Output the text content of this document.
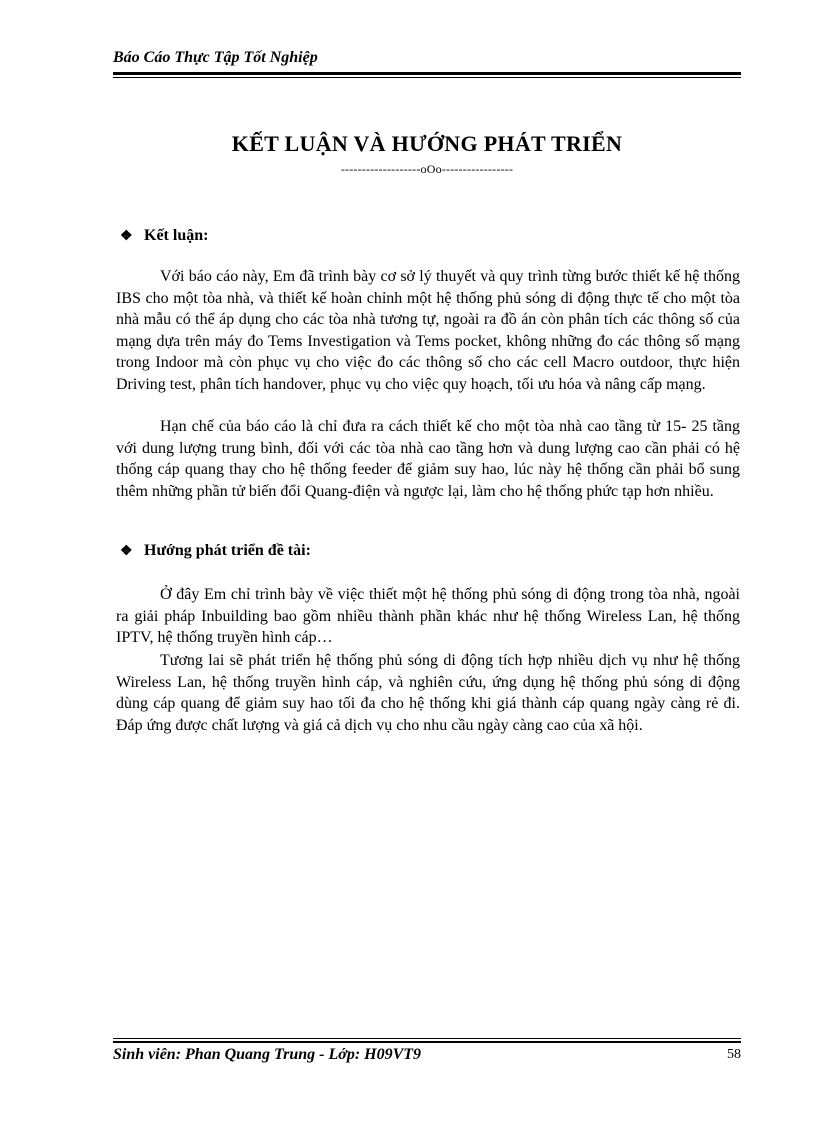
Báo Cáo Thực Tập Tốt Nghiệp
KẾT LUẬN VÀ HƯỚNG PHÁT TRIỂN
-------------------oOo-----------------
❖ Kết luận:
Với báo cáo này, Em đã trình bày cơ sở lý thuyết và quy trình từng bước thiết kế hệ thống IBS cho một tòa nhà, và thiết kế hoàn chỉnh một hệ thống phủ sóng di động thực tế cho một tòa nhà mẫu có thể áp dụng cho các tòa nhà tương tự, ngoài ra đồ án còn phân tích các thông số của mạng dựa trên máy đo Tems Investigation và Tems pocket, không những đo các thông số mạng trong Indoor mà còn phục vụ cho việc đo các thông số cho các cell Macro outdoor, thực hiện Driving test, phân tích handover, phục vụ cho việc quy hoạch, tối ưu hóa và nâng cấp mạng.
Hạn chế của báo cáo là chỉ đưa ra cách thiết kế cho một tòa nhà cao tầng từ 15- 25 tầng với dung lượng trung bình, đối với các tòa nhà cao tầng hơn và dung lượng cao cần phải có hệ thống cáp quang thay cho hệ thống feeder để giảm suy hao, lúc này hệ thống cần phải bổ sung thêm những phần tử biến đổi Quang-điện và ngược lại, làm cho hệ thống phức tạp hơn nhiều.
❖ Hướng phát triển đề tài:
Ở đây Em chỉ trình bày về việc thiết một hệ thống phủ sóng di động trong tòa nhà, ngoài ra giải pháp Inbuilding bao gồm nhiều thành phần khác như hệ thống Wireless Lan, hệ thống IPTV, hệ thống truyền hình cáp…
Tương lai sẽ phát triển hệ thống phủ sóng di động tích hợp nhiều dịch vụ như hệ thống Wireless Lan, hệ thống truyền hình cáp, và nghiên cứu, ứng dụng hệ thống phủ sóng di động dùng cáp quang để giảm suy hao tối đa cho hệ thống khi giá thành cáp quang ngày càng rẻ đi. Đáp ứng được chất lượng và giá cả dịch vụ cho nhu cầu ngày càng cao của xã hội.
Sinh viên: Phan Quang Trung - Lớp: H09VT9	58
